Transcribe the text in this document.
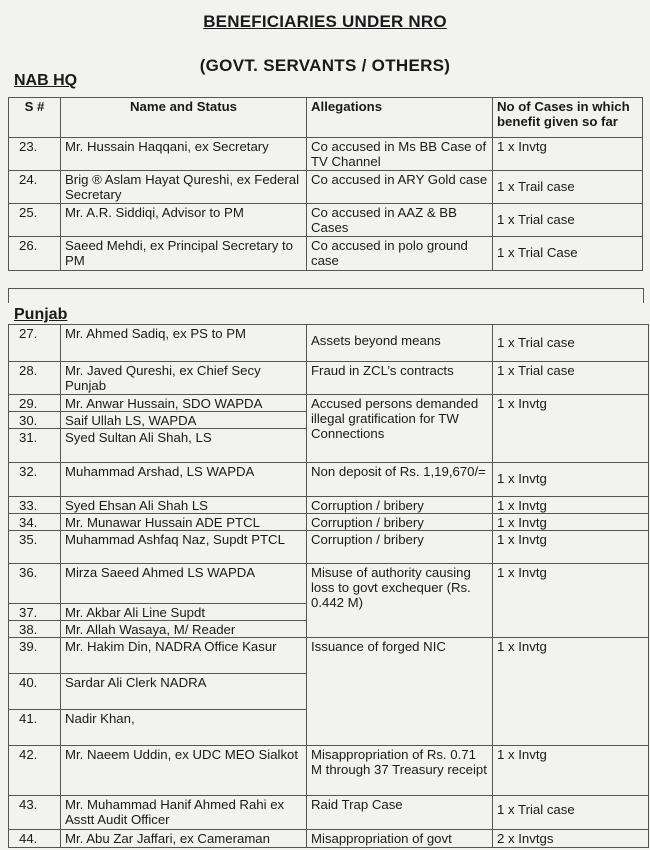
BENEFICIARIES UNDER NRO
(GOVT. SERVANTS / OTHERS)
NAB HQ
S #	Name and Status	Allegations	No of Cases in which benefit given so far
23.	Mr. Hussain Haqqani, ex Secretary	Co accused in Ms BB Case of TV Channel	1 x Invtg
24.	Brig ® Aslam Hayat Qureshi, ex Federal Secretary	Co accused in ARY Gold case	1 x Trail case
25.	Mr. A.R. Siddiqi, Advisor to PM	Co accused in AAZ & BB Cases	1 x Trial case
26.	Saeed Mehdi, ex Principal Secretary to PM	Co accused in polo ground case	1 x Trial Case
Punjab
27.	Mr. Ahmed Sadiq, ex PS to PM	Assets beyond means	1 x Trial case
28.	Mr. Javed Qureshi, ex Chief Secy Punjab	Fraud in ZCL’s contracts	1 x Trial case
29.	Mr. Anwar Hussain, SDO WAPDA	Accused persons demanded illegal gratification for TW Connections	1 x Invtg
30.	Saif Ullah LS, WAPDA		
31.	Syed Sultan Ali Shah, LS		
32.	Muhammad Arshad, LS WAPDA	Non deposit of Rs. 1,19,670/=	1 x Invtg
33.	Syed Ehsan Ali Shah LS	Corruption / bribery	1 x Invtg
34.	Mr. Munawar Hussain ADE PTCL	Corruption / bribery	1 x Invtg
35.	Muhammad Ashfaq Naz, Supdt PTCL	Corruption / bribery	1 x Invtg
36.	Mirza Saeed Ahmed LS WAPDA	Misuse of authority causing loss to govt exchequer (Rs. 0.442 M)	1 x Invtg
37.	Mr. Akbar Ali Line Supdt		
38.	Mr. Allah Wasaya, M/ Reader		
39.	Mr. Hakim Din, NADRA Office Kasur	Issuance of forged NIC	1 x Invtg
40.	Sardar Ali Clerk NADRA		
41.	Nadir Khan,		
42.	Mr. Naeem Uddin, ex UDC MEO Sialkot	Misappropriation of Rs. 0.71 M through 37 Treasury receipt	1 x Invtg
43.	Mr. Muhammad Hanif Ahmed Rahi ex Asstt Audit Officer	Raid Trap Case	1 x Trial case
44.	Mr. Abu Zar Jaffari, ex Cameraman	Misappropriation of govt	2 x Invtgs
